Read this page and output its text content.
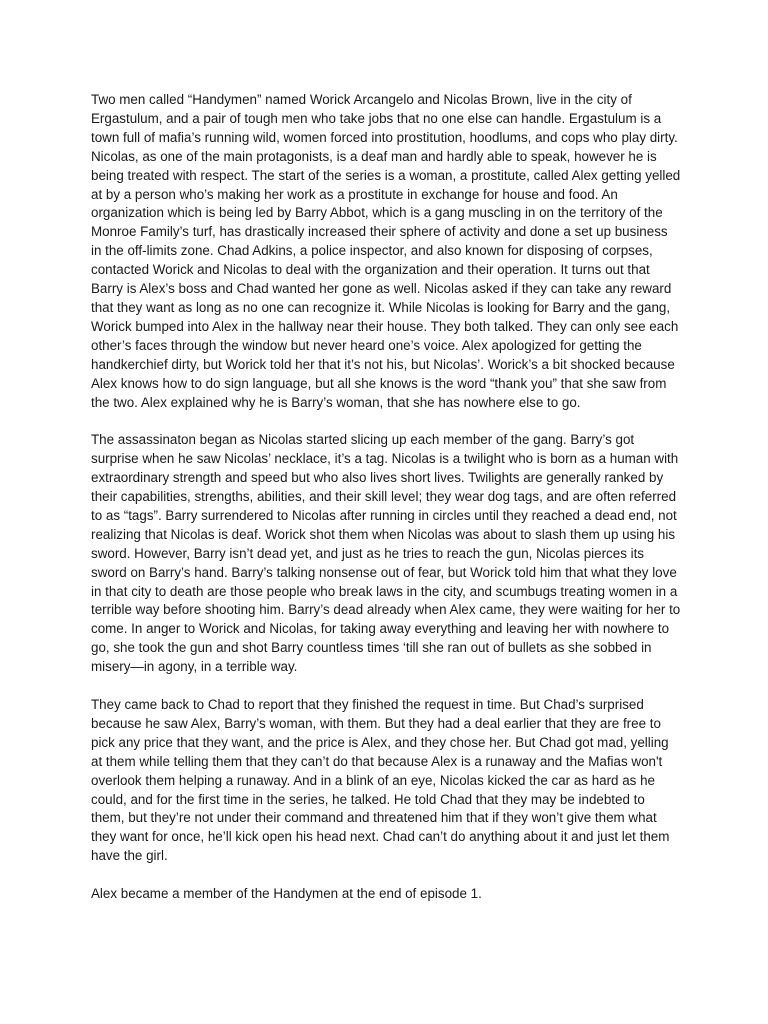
Two men called “Handymen” named Worick Arcangelo and Nicolas Brown, live in the city of Ergastulum, and a pair of tough men who take jobs that no one else can handle. Ergastulum is a town full of mafia’s running wild, women forced into prostitution, hoodlums, and cops who play dirty. Nicolas, as one of the main protagonists, is a deaf man and hardly able to speak, however he is being treated with respect. The start of the series is a woman, a prostitute, called Alex getting yelled at by a person who’s making her work as a prostitute in exchange for house and food. An organization which is being led by Barry Abbot, which is a gang muscling in on the territory of the Monroe Family’s turf, has drastically increased their sphere of activity and done a set up business in the off-limits zone. Chad Adkins, a police inspector, and also known for disposing of corpses, contacted Worick and Nicolas to deal with the organization and their operation. It turns out that Barry is Alex’s boss and Chad wanted her gone as well. Nicolas asked if they can take any reward that they want as long as no one can recognize it. While Nicolas is looking for Barry and the gang, Worick bumped into Alex in the hallway near their house. They both talked. They can only see each other’s faces through the window but never heard one’s voice. Alex apologized for getting the handkerchief dirty, but Worick told her that it’s not his, but Nicolas’. Worick’s a bit shocked because Alex knows how to do sign language, but all she knows is the word “thank you” that she saw from the two. Alex explained why he is Barry’s woman, that she has nowhere else to go.

The assassinaton began as Nicolas started slicing up each member of the gang. Barry’s got surprise when he saw Nicolas’ necklace, it’s a tag. Nicolas is a twilight who is born as a human with extraordinary strength and speed but who also lives short lives. Twilights are generally ranked by their capabilities, strengths, abilities, and their skill level; they wear dog tags, and are often referred to as “tags”. Barry surrendered to Nicolas after running in circles until they reached a dead end, not realizing that Nicolas is deaf. Worick shot them when Nicolas was about to slash them up using his sword. However, Barry isn’t dead yet, and just as he tries to reach the gun, Nicolas pierces its sword on Barry’s hand. Barry’s talking nonsense out of fear, but Worick told him that what they love in that city to death are those people who break laws in the city, and scumbugs treating women in a terrible way before shooting him. Barry’s dead already when Alex came, they were waiting for her to come. In anger to Worick and Nicolas, for taking away everything and leaving her with nowhere to go, she took the gun and shot Barry countless times ‘till she ran out of bullets as she sobbed in misery—in agony, in a terrible way.

They came back to Chad to report that they finished the request in time. But Chad’s surprised because he saw Alex, Barry’s woman, with them. But they had a deal earlier that they are free to pick any price that they want, and the price is Alex, and they chose her. But Chad got mad, yelling at them while telling them that they can’t do that because Alex is a runaway and the Mafias won't overlook them helping a runaway. And in a blink of an eye, Nicolas kicked the car as hard as he could, and for the first time in the series, he talked. He told Chad that they may be indebted to them, but they’re not under their command and threatened him that if they won’t give them what they want for once, he’ll kick open his head next. Chad can’t do anything about it and just let them have the girl.

Alex became a member of the Handymen at the end of episode 1.
